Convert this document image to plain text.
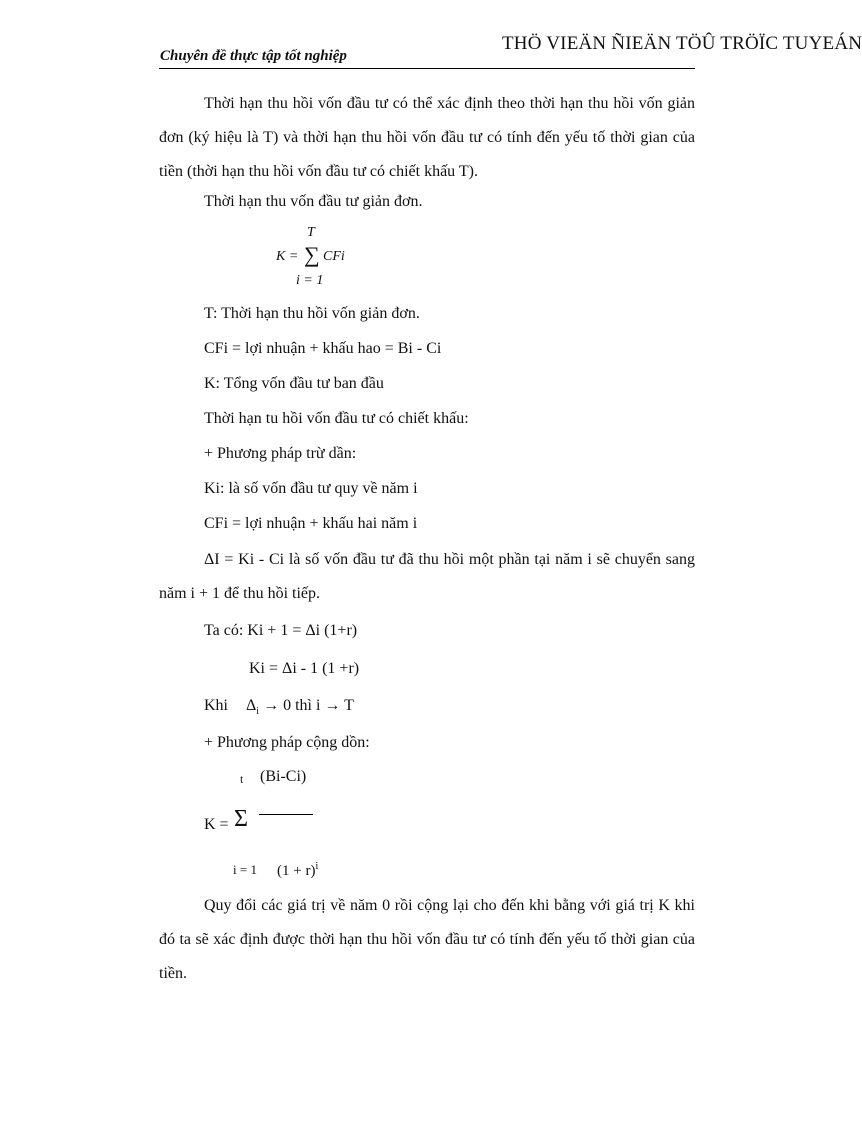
Chuyên đề thực tập tốt nghiệp
THÖ VIEÄN ÑIEÄN TÖÛ TRÖÏC TUYEÁN
Thời hạn thu hồi vốn đầu tư có thể xác định theo thời hạn thu hồi vốn giản đơn (ký hiệu là T) và thời hạn thu hồi vốn đầu tư có tính đến yếu tố thời gian của tiền (thời hạn thu hồi vốn đầu tư có chiết khấu T).
Thời hạn thu vốn đầu tư giản đơn.
T
K = ∑ CFi
i = 1
T: Thời hạn thu hồi vốn giản đơn.
CFi = lợi nhuận + khấu hao = Bi - Ci
K: Tổng vốn đầu tư ban đầu
Thời hạn tu hồi vốn đầu tư có chiết khấu:
+ Phương pháp trừ dần:
Ki: là số vốn đầu tư quy về năm i
CFi = lợi nhuận + khấu hai năm i
ΔI = Ki - Ci là số vốn đầu tư đã thu hồi một phần tại năm i sẽ chuyển sang năm i + 1 để thu hồi tiếp.
Ta có: Ki + 1 = Δi (1+r)
Ki = Δi - 1 (1 +r)
Khi $\Delta_i \to 0$ thì i → T
+ Phương pháp cộng dồn:
t (Bi-Ci)
K = Σ
i = 1 $(1 + r)^i$
Quy đổi các giá trị về năm 0 rồi cộng lại cho đến khi bằng với giá trị K khi đó ta sẽ xác định được thời hạn thu hồi vốn đầu tư có tính đến yếu tố thời gian của tiền.
